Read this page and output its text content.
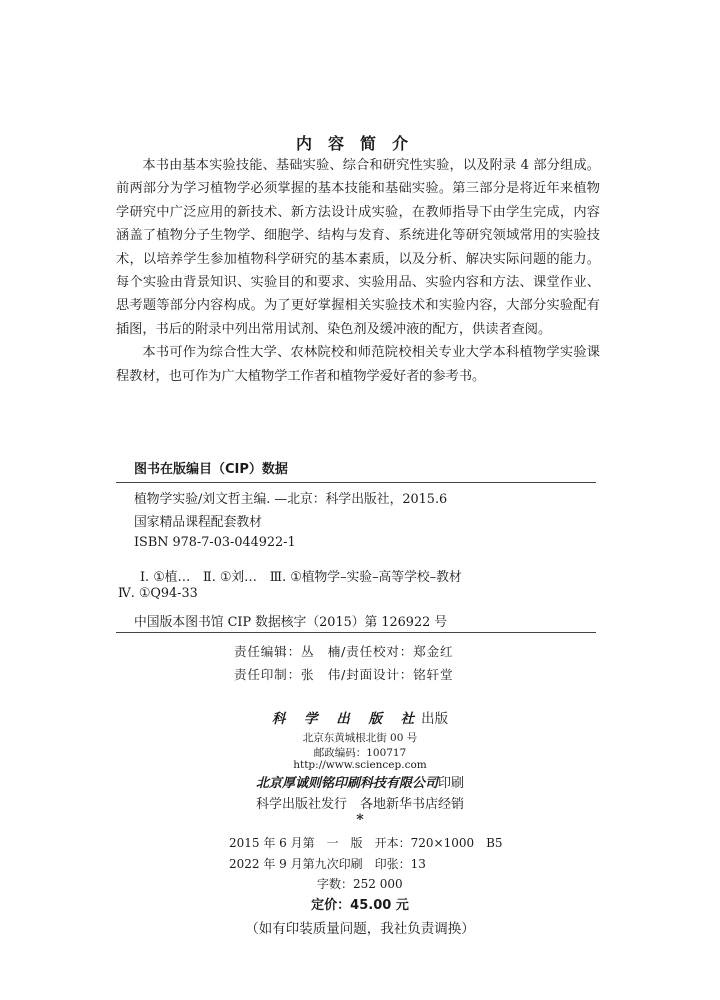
内容简介

本书由基本实验技能、基础实验、综合和研究性实验，以及附录 4 部分组成。前两部分为学习植物学必须掌握的基本技能和基础实验。第三部分是将近年来植物学研究中广泛应用的新技术、新方法设计成实验，在教师指导下由学生完成，内容涵盖了植物分子生物学、细胞学、结构与发育、系统进化等研究领域常用的实验技术，以培养学生参加植物科学研究的基本素质，以及分析、解决实际问题的能力。每个实验由背景知识、实验目的和要求、实验用品、实验内容和方法、课堂作业、思考题等部分内容构成。为了更好掌握相关实验技术和实验内容，大部分实验配有插图，书后的附录中列出常用试剂、染色剂及缓冲液的配方，供读者查阅。

本书可作为综合性大学、农林院校和师范院校相关专业大学本科植物学实验课程教材，也可作为广大植物学工作者和植物学爱好者的参考书。

图书在版编目（CIP）数据
植物学实验/刘文哲主编. —北京：科学出版社，2015.6
国家精品课程配套教材
ISBN 978-7-03-044922-1
Ⅰ. ①植…　Ⅱ. ①刘…　Ⅲ. ①植物学–实验–高等学校–教材
Ⅳ. ①Q94-33
中国版本图书馆 CIP 数据核字（2015）第 126922 号
责任编辑：丛　楠/责任校对：郑金红
责任印制：张　伟/封面设计：铭轩堂
科 学 出 版 社出版
北京东黄城根北街 00 号
邮政编码：100717
http://www.sciencep.com
北京厚诚则铭印刷科技有限公司印刷
科学出版社发行　各地新华书店经销
*
2015 年 6 月第　一　版　开本：720×1000　B5
2022 年 9 月第九次印刷　印张：13
字数：252 000
定价：45.00 元
（如有印装质量问题，我社负责调换）
